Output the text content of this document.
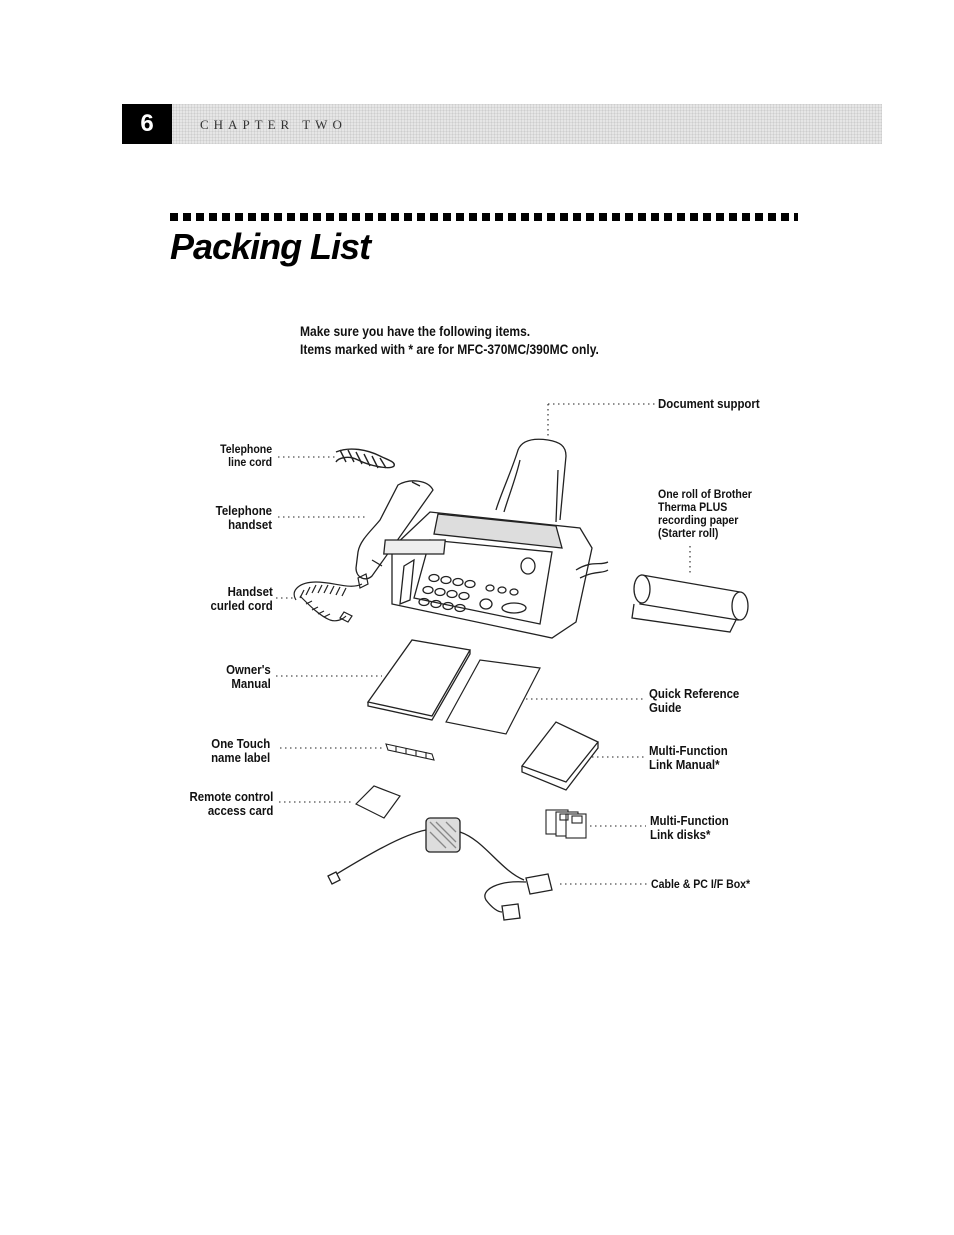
6	CHAPTER TWO
Packing List
Make sure you have the following items.
Items marked with * are for MFC-370MC/390MC only.
Telephone
line cord
Telephone
handset
Handset
curled cord
Owner's
Manual
One Touch
name label
Remote control
access card
Document support
One roll of Brother
Therma PLUS
recording paper
(Starter roll)
Quick Reference
Guide
Multi-Function
Link Manual*
Multi-Function
Link disks*
Cable & PC I/F Box*
